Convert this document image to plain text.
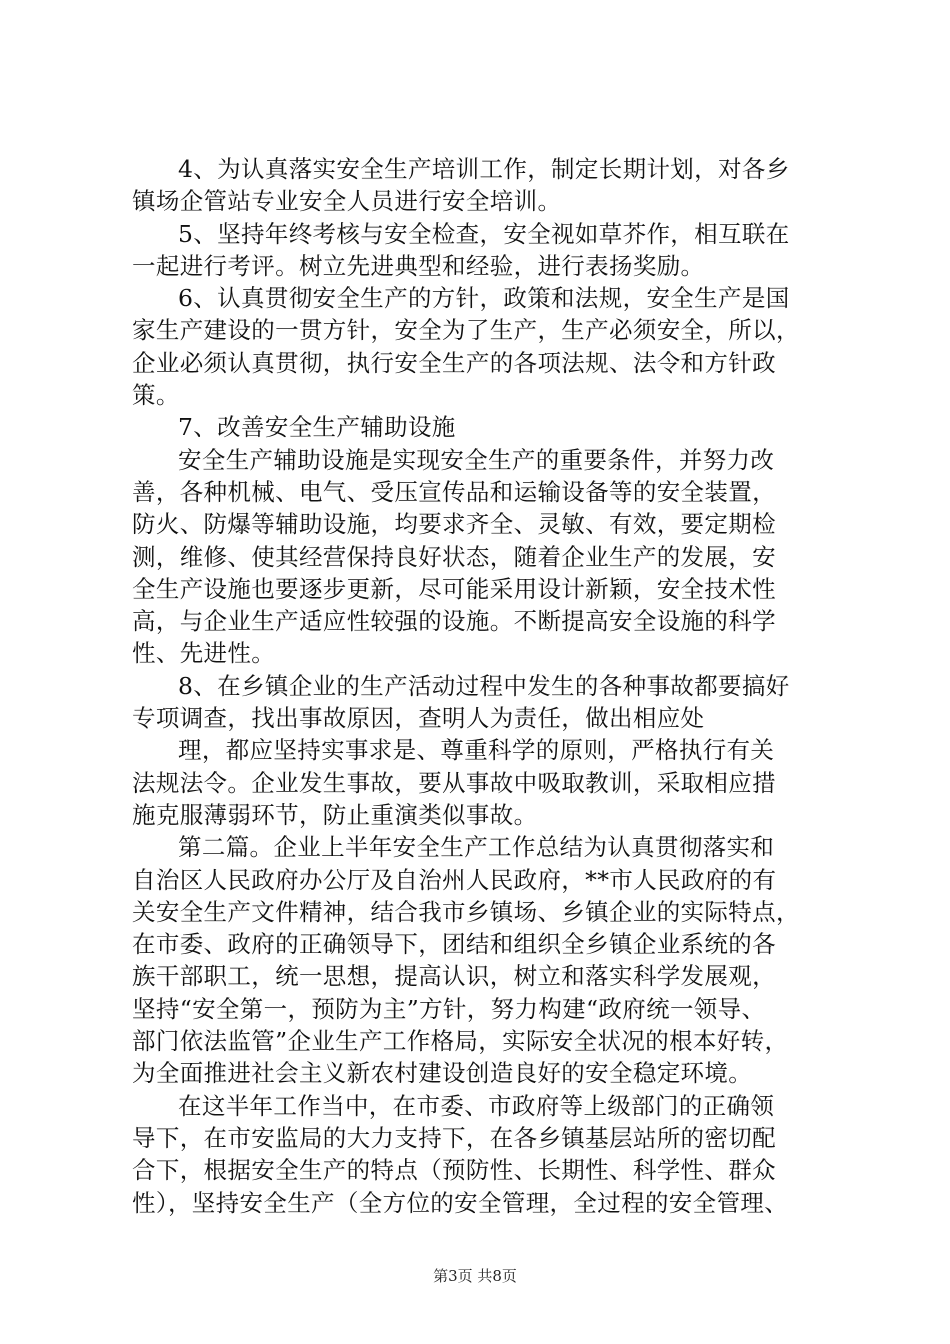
4、为认真落实安全生产培训工作，制定长期计划，对各乡
镇场企管站专业安全人员进行安全培训。
5、坚持年终考核与安全检查，安全视如草芥作，相互联在
一起进行考评。树立先进典型和经验，进行表扬奖励。
6、认真贯彻安全生产的方针，政策和法规，安全生产是国
家生产建设的一贯方针，安全为了生产，生产必须安全，所以，
企业必须认真贯彻，执行安全生产的各项法规、法令和方针政
策。
7、改善安全生产辅助设施
安全生产辅助设施是实现安全生产的重要条件，并努力改
善，各种机械、电气、受压宣传品和运输设备等的安全装置，
防火、防爆等辅助设施，均要求齐全、灵敏、有效，要定期检
测，维修、使其经营保持良好状态，随着企业生产的发展，安
全生产设施也要逐步更新，尽可能采用设计新颖，安全技术性
高，与企业生产适应性较强的设施。不断提高安全设施的科学
性、先进性。
8、在乡镇企业的生产活动过程中发生的各种事故都要搞好
专项调查，找出事故原因，查明人为责任，做出相应处
理，都应坚持实事求是、尊重科学的原则，严格执行有关
法规法令。企业发生事故，要从事故中吸取教训，采取相应措
施克服薄弱环节，防止重演类似事故。
第二篇。企业上半年安全生产工作总结为认真贯彻落实和
自治区人民政府办公厅及自治州人民政府，**市人民政府的有
关安全生产文件精神，结合我市乡镇场、乡镇企业的实际特点，
在市委、政府的正确领导下，团结和组织全乡镇企业系统的各
族干部职工，统一思想，提高认识，树立和落实科学发展观，
坚持“安全第一，预防为主”方针，努力构建“政府统一领导、
部门依法监管”企业生产工作格局，实际安全状况的根本好转，
为全面推进社会主义新农村建设创造良好的安全稳定环境。
在这半年工作当中，在市委、市政府等上级部门的正确领
导下，在市安监局的大力支持下，在各乡镇基层站所的密切配
合下，根据安全生产的特点（预防性、长期性、科学性、群众
性），坚持安全生产（全方位的安全管理，全过程的安全管理、
第3页 共8页
